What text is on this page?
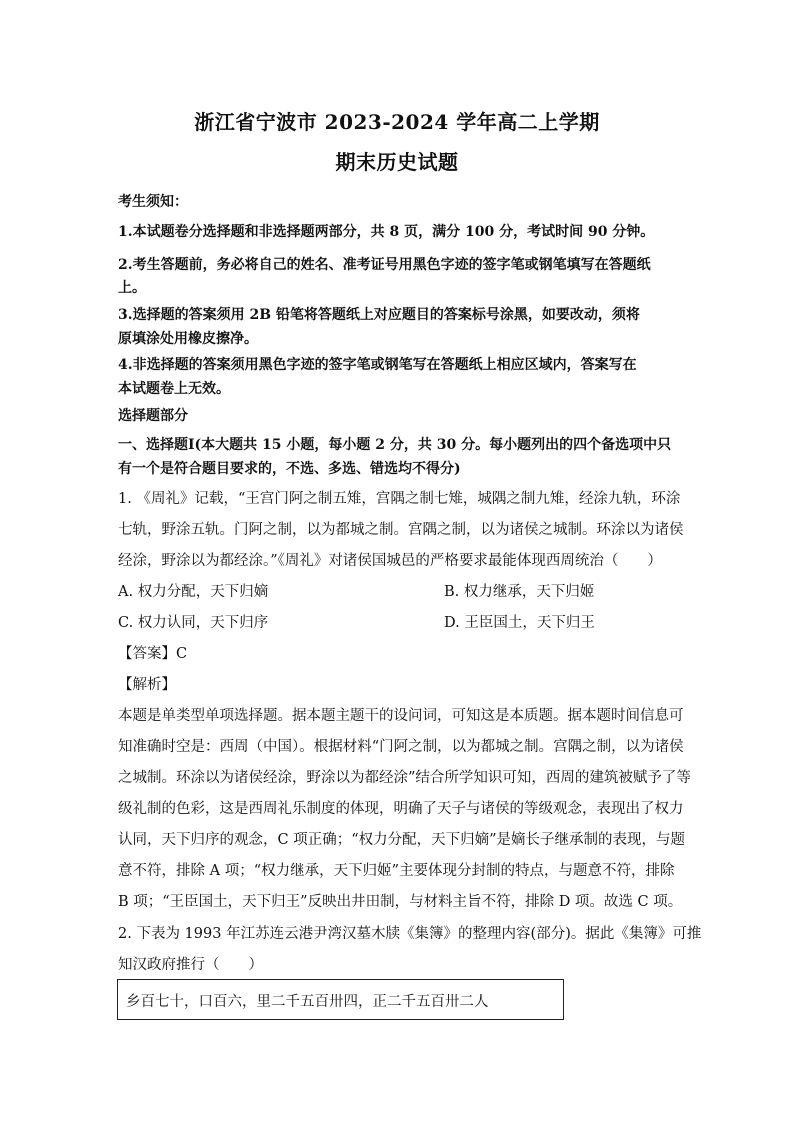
浙江省宁波市 2023-2024 学年高二上学期
期末历史试题
考生须知：
1.本试题卷分选择题和非选择题两部分，共 8 页，满分 100 分，考试时间 90 分钟。
2.考生答题前，务必将自己的姓名、准考证号用黑色字迹的签字笔或钢笔填写在答题纸
上。
3.选择题的答案须用 2B 铅笔将答题纸上对应题目的答案标号涂黑，如要改动，须将
原填涂处用橡皮擦净。
4.非选择题的答案须用黑色字迹的签字笔或钢笔写在答题纸上相应区域内，答案写在
本试题卷上无效。
选择题部分
一、选择题Ⅰ(本大题共 15 小题，每小题 2 分，共 30 分。每小题列出的四个备选项中只
有一个是符合题目要求的，不选、多选、错选均不得分)
1. 《周礼》记载，“王宫门阿之制五雉，宫隅之制七雉，城隅之制九雉，经涂九轨，环涂
七轨，野涂五轨。门阿之制，以为都城之制。宫隅之制，以为诸侯之城制。环涂以为诸侯
经涂，野涂以为都经涂。”《周礼》对诸侯国城邑的严格要求最能体现西周统治（　　）
A. 权力分配，天下归嫡	B. 权力继承，天下归姬
C. 权力认同，天下归序	D. 王臣国土，天下归王
【答案】C
【解析】
本题是单类型单项选择题。据本题主题干的设问词，可知这是本质题。据本题时间信息可
知准确时空是：西周（中国）。根据材料“门阿之制，以为都城之制。宫隅之制，以为诸侯
之城制。环涂以为诸侯经涂，野涂以为都经涂”结合所学知识可知，西周的建筑被赋予了等
级礼制的色彩，这是西周礼乐制度的体现，明确了天子与诸侯的等级观念，表现出了权力
认同，天下归序的观念，C 项正确；“权力分配，天下归嫡”是嫡长子继承制的表现，与题
意不符，排除 A 项；“权力继承，天下归姬”主要体现分封制的特点，与题意不符，排除
B 项；“王臣国土，天下归王”反映出井田制，与材料主旨不符，排除 D 项。故选 C 项。
2. 下表为 1993 年江苏连云港尹湾汉墓木牍《集簿》的整理内容(部分)。据此《集簿》可推
知汉政府推行（　　）
乡百七十，口百六，里二千五百卅四，正二千五百卅二人
